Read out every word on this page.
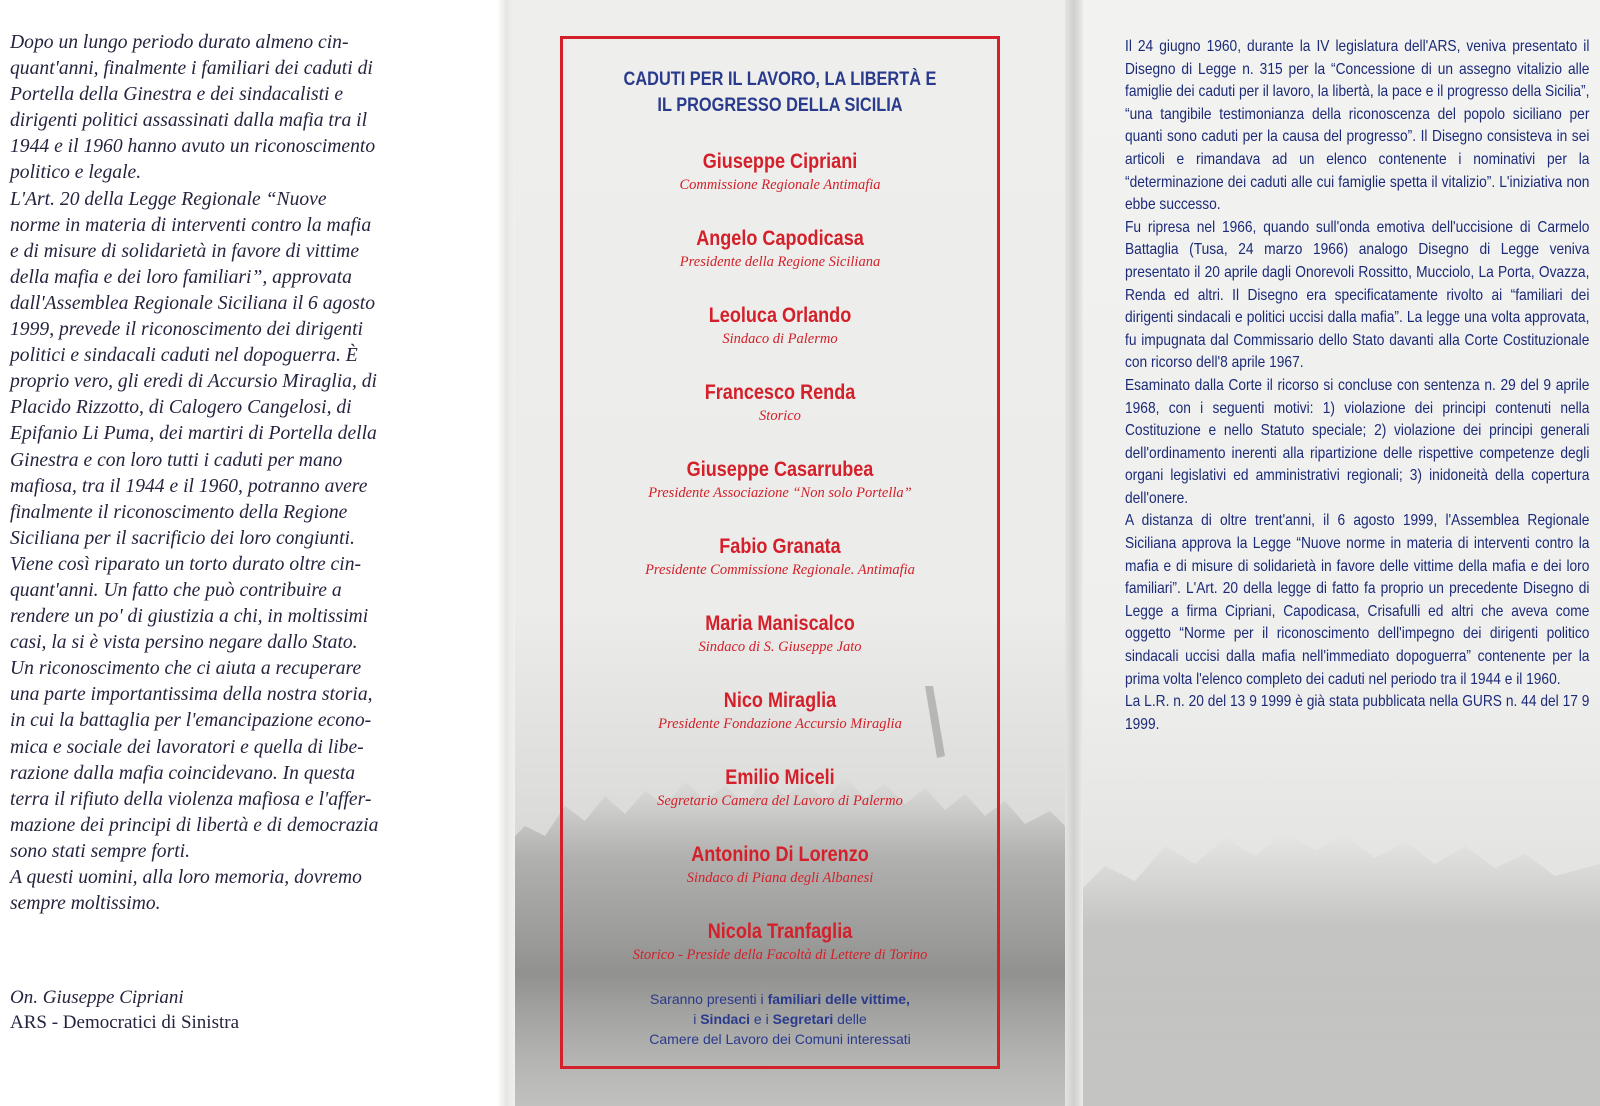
Dopo un lungo periodo durato almeno cin-
quant'anni, finalmente i familiari dei caduti di
Portella della Ginestra e dei sindacalisti e
dirigenti politici assassinati dalla mafia tra il
1944 e il 1960 hanno avuto un riconoscimento
politico e legale.
L'Art. 20 della Legge Regionale “Nuove
norme in materia di interventi contro la mafia
e di misure di solidarietà in favore di vittime
della mafia e dei loro familiari”, approvata
dall'Assemblea Regionale Siciliana il 6 agosto
1999, prevede il riconoscimento dei dirigenti
politici e sindacali caduti nel dopoguerra. È
proprio vero, gli eredi di Accursio Miraglia, di
Placido Rizzotto, di Calogero Cangelosi, di
Epifanio Li Puma, dei martiri di Portella della
Ginestra e con loro tutti i caduti per mano
mafiosa, tra il 1944 e il 1960, potranno avere
finalmente il riconoscimento della Regione
Siciliana per il sacrificio dei loro congiunti.
Viene così riparato un torto durato oltre cin-
quant'anni. Un fatto che può contribuire a
rendere un po' di giustizia a chi, in moltissimi
casi, la si è vista persino negare dallo Stato.
Un riconoscimento che ci aiuta a recuperare
una parte importantissima della nostra storia,
in cui la battaglia per l'emancipazione econo-
mica e sociale dei lavoratori e quella di libe-
razione dalla mafia coincidevano. In questa
terra il rifiuto della violenza mafiosa e l'affer-
mazione dei principi di libertà e di democrazia
sono stati sempre forti.
A questi uomini, alla loro memoria, dovremo
sempre moltissimo.

On. Giuseppe Cipriani
ARS - Democratici di Sinistra

CADUTI PER IL LAVORO, LA LIBERTÀ E
IL PROGRESSO DELLA SICILIA

Giuseppe Cipriani
Commissione Regionale Antimafia
Angelo Capodicasa
Presidente della Regione Siciliana
Leoluca Orlando
Sindaco di Palermo
Francesco Renda
Storico
Giuseppe Casarrubea
Presidente Associazione “Non solo Portella”
Fabio Granata
Presidente Commissione Regionale. Antimafia
Maria Maniscalco
Sindaco di S. Giuseppe Jato
Nico Miraglia
Presidente Fondazione Accursio Miraglia
Emilio Miceli
Segretario Camera del Lavoro di Palermo
Antonino Di Lorenzo
Sindaco di Piana degli Albanesi
Nicola Tranfaglia
Storico - Preside della Facoltà di Lettere di Torino

Saranno presenti i familiari delle vittime,
i Sindaci e i Segretari delle
Camere del Lavoro dei Comuni interessati

Il 24 giugno 1960, durante la IV legislatura dell'ARS, veniva presentato il Disegno di Legge n. 315 per la “Concessione di un assegno vitalizio alle famiglie dei caduti per il lavoro, la libertà, la pace e il progresso della Sicilia”, “una tangibile testimonianza della riconoscenza del popolo siciliano per quanti sono caduti per la causa del progresso”. Il Disegno consisteva in sei articoli e rimandava ad un elenco contenente i nominativi per la “determinazione dei caduti alle cui famiglie spetta il vitalizio”. L'iniziativa non ebbe successo.
Fu ripresa nel 1966, quando sull'onda emotiva dell'uccisione di Carmelo Battaglia (Tusa, 24 marzo 1966) analogo Disegno di Legge veniva presentato il 20 aprile dagli Onorevoli Rossitto, Mucciolo, La Porta, Ovazza, Renda ed altri. Il Disegno era specificatamente rivolto ai “familiari dei dirigenti sindacali e politici uccisi dalla mafia”. La legge una volta approvata, fu impugnata dal Commissario dello Stato davanti alla Corte Costituzionale con ricorso dell'8 aprile 1967.
Esaminato dalla Corte il ricorso si concluse con sentenza n. 29 del 9 aprile 1968, con i seguenti motivi: 1) violazione dei principi contenuti nella Costituzione e nello Statuto speciale; 2) violazione dei principi generali dell'ordinamento inerenti alla ripartizione delle rispettive competenze degli organi legislativi ed amministrativi regionali; 3) inidoneità della copertura dell'onere.
A distanza di oltre trent'anni, il 6 agosto 1999, l'Assemblea Regionale Siciliana approva la Legge “Nuove norme in materia di interventi contro la mafia e di misure di solidarietà in favore delle vittime della mafia e dei loro familiari”. L'Art. 20 della legge di fatto fa proprio un precedente Disegno di Legge a firma Cipriani, Capodicasa, Crisafulli ed altri che aveva come oggetto “Norme per il riconoscimento dell'impegno dei dirigenti politico sindacali uccisi dalla mafia nell'immediato dopoguerra” contenente per la prima volta l'elenco completo dei caduti nel periodo tra il 1944 e il 1960.
La L.R. n. 20 del 13 9 1999 è già stata pubblicata nella GURS n. 44 del 17 9 1999.
